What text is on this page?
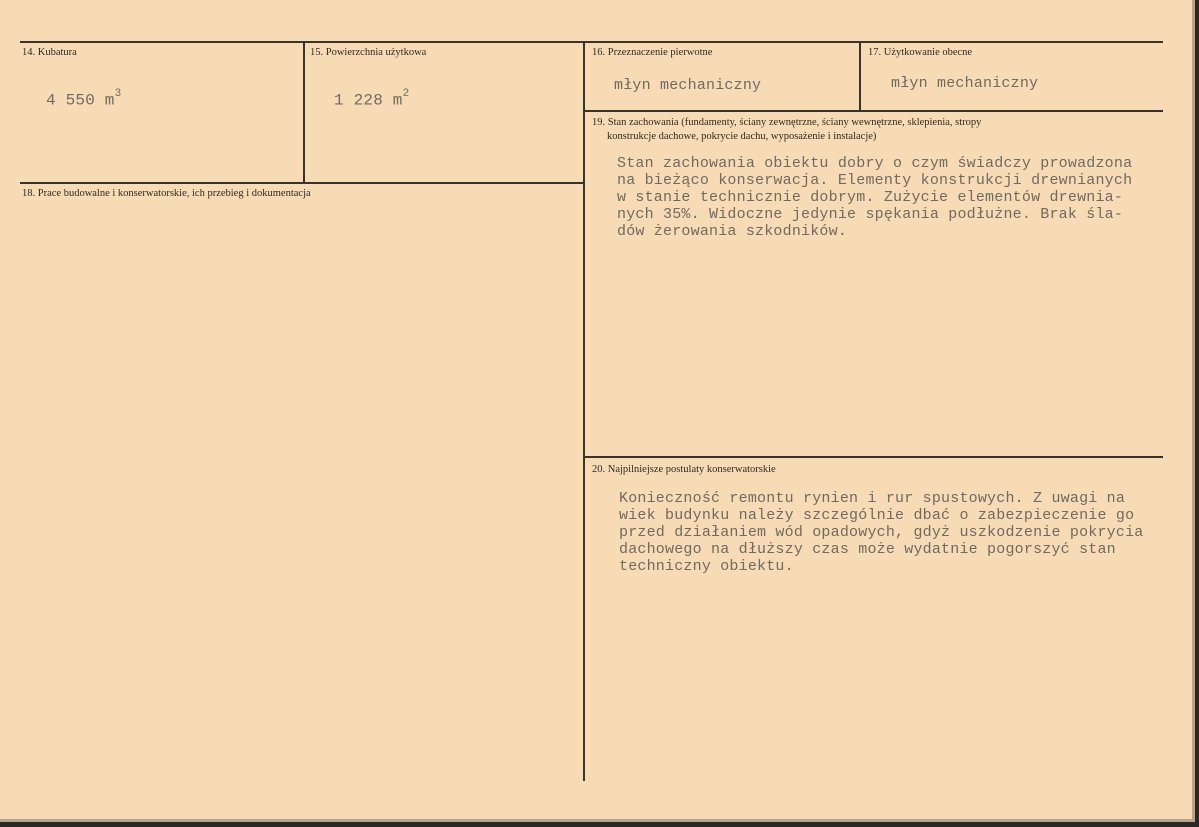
14. Kubatura
4 550 $m^3$
15. Powierzchnia użytkowa
1 228 $m^2$
16. Przeznaczenie pierwotne
młyn mechaniczny
17. Użytkowanie obecne
młyn mechaniczny
18. Prace budowalne i konserwatorskie, ich przebieg i dokumentacja
19. Stan zachowania (fundamenty, ściany zewnętrzne, ściany wewnętrzne, sklepienia, stropy
konstrukcje dachowe, pokrycie dachu, wyposażenie i instalacje)
Stan zachowania obiektu dobry o czym świadczy prowadzona
na bieżąco konserwacja. Elementy konstrukcji drewnianych
w stanie technicznie dobrym. Zużycie elementów drewnia-
nych 35%. Widoczne jedynie spękania podłużne. Brak śla-
dów żerowania szkodników.
20. Najpilniejsze postulaty konserwatorskie
Konieczność remontu rynien i rur spustowych. Z uwagi na
wiek budynku należy szczególnie dbać o zabezpieczenie go
przed działaniem wód opadowych, gdyż uszkodzenie pokrycia
dachowego na dłuższy czas może wydatnie pogorszyć stan
techniczny obiektu.
